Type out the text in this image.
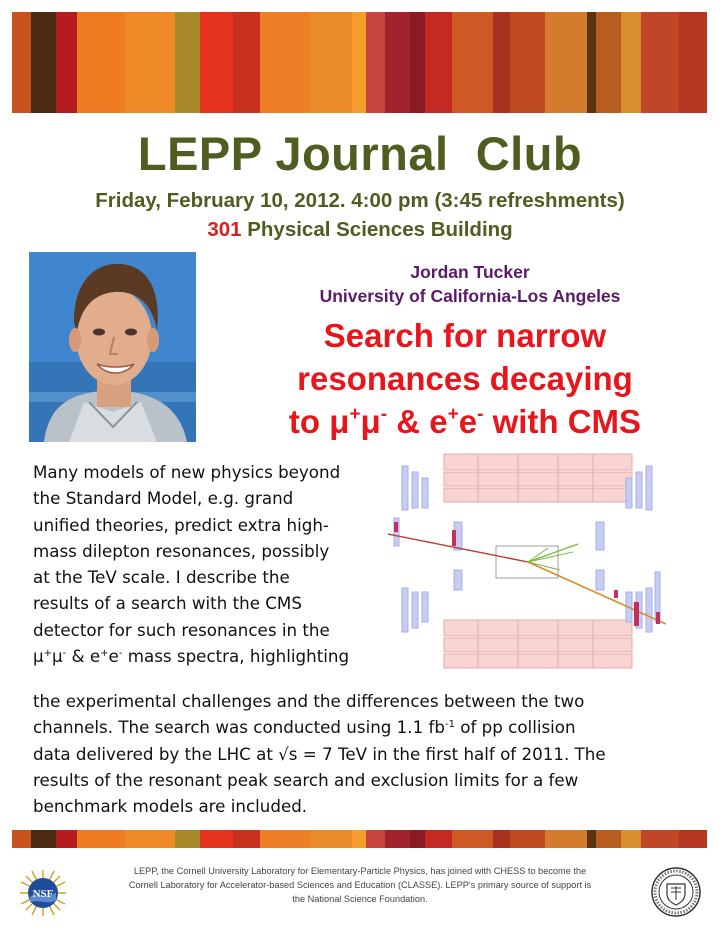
LEPP Journal  Club
Friday, February 10, 2012. 4:00 pm (3:45 refreshments)
301 Physical Sciences Building
Jordan Tucker
University of California-Los Angeles
Search for narrow
resonances decaying
to μ+μ- & e+e- with CMS
Many models of new physics beyond
the Standard Model, e.g. grand
unified theories, predict extra high-
mass dilepton resonances, possibly
at the TeV scale. I describe the
results of a search with the CMS
detector for such resonances in the
μ+μ- & e+e- mass spectra, highlighting
the experimental challenges and the differences between the two
channels. The search was conducted using 1.1 $fb^{-1}$ of pp collision
data delivered by the LHC at √s = 7 TeV in the first half of 2011. The
results of the resonant peak search and exclusion limits for a few
benchmark models are included.
NSF
LEPP, the Cornell University Laboratory for Elementary-Particle Physics, has joined with CHESS to become the
Cornell Laboratory for Accelerator-based Sciences and Education (CLASSE). LEPP's primary source of support is
the National Science Foundation.
